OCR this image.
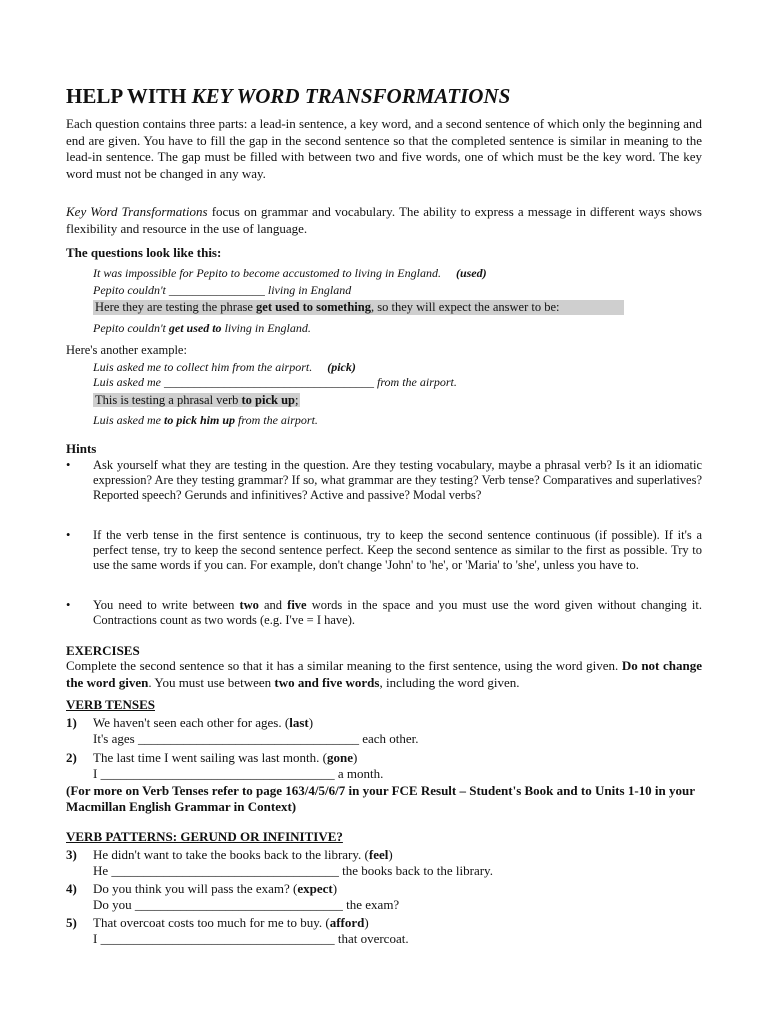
HELP WITH KEY WORD TRANSFORMATIONS

Each question contains three parts: a lead-in sentence, a key word, and a second sentence of which only the beginning and end are given. You have to fill the gap in the second sentence so that the completed sentence is similar in meaning to the lead-in sentence. The gap must be filled with between two and five words, one of which must be the key word. The key word must not be changed in any way.

Key Word Transformations focus on grammar and vocabulary. The ability to express a message in different ways shows flexibility and resource in the use of language.

The questions look like this:
It was impossible for Pepito to become accustomed to living in England. (used)
Pepito couldn't ________________ living in England
Here they are testing the phrase get used to something, so they will expect the answer to be:
Pepito couldn't get used to living in England.
Here's another example:
Luis asked me to collect him from the airport. (pick)
Luis asked me ___________________________________ from the airport.
This is testing a phrasal verb to pick up;
Luis asked me to pick him up from the airport.
Hints
•	Ask yourself what they are testing in the question. Are they testing vocabulary, maybe a phrasal verb? Is it an idiomatic expression? Are they testing grammar? If so, what grammar are they testing? Verb tense? Comparatives and superlatives? Reported speech? Gerunds and infinitives? Active and passive? Modal verbs?

•	If the verb tense in the first sentence is continuous, try to keep the second sentence continuous (if possible). If it's a perfect tense, try to keep the second sentence perfect. Keep the second sentence as similar to the first as possible. Try to use the same words if you can. For example, don't change 'John' to 'he', or 'Maria' to 'she', unless you have to.

•	You need to write between two and five words in the space and you must use the word given without changing it. Contractions count as two words (e.g. I've = I have).

EXERCISES

Complete the second sentence so that it has a similar meaning to the first sentence, using the word given. Do not change the word given. You must use between two and five words, including the word given.

VERB TENSES
1) We haven't seen each other for ages. (last)
It's ages __________________________________ each other.
2) The last time I went sailing was last month. (gone)
I ____________________________________ a month.

(For more on Verb Tenses refer to page 163/4/5/6/7 in your FCE Result – Student's Book and to Units 1-10 in your Macmillan English Grammar in Context)

VERB PATTERNS: GERUND OR INFINITIVE?
3) He didn't want to take the books back to the library. (feel)
He ___________________________________ the books back to the library.
4) Do you think you will pass the exam? (expect)
Do you ________________________________ the exam?
5) That overcoat costs too much for me to buy. (afford)
I ____________________________________ that overcoat.
